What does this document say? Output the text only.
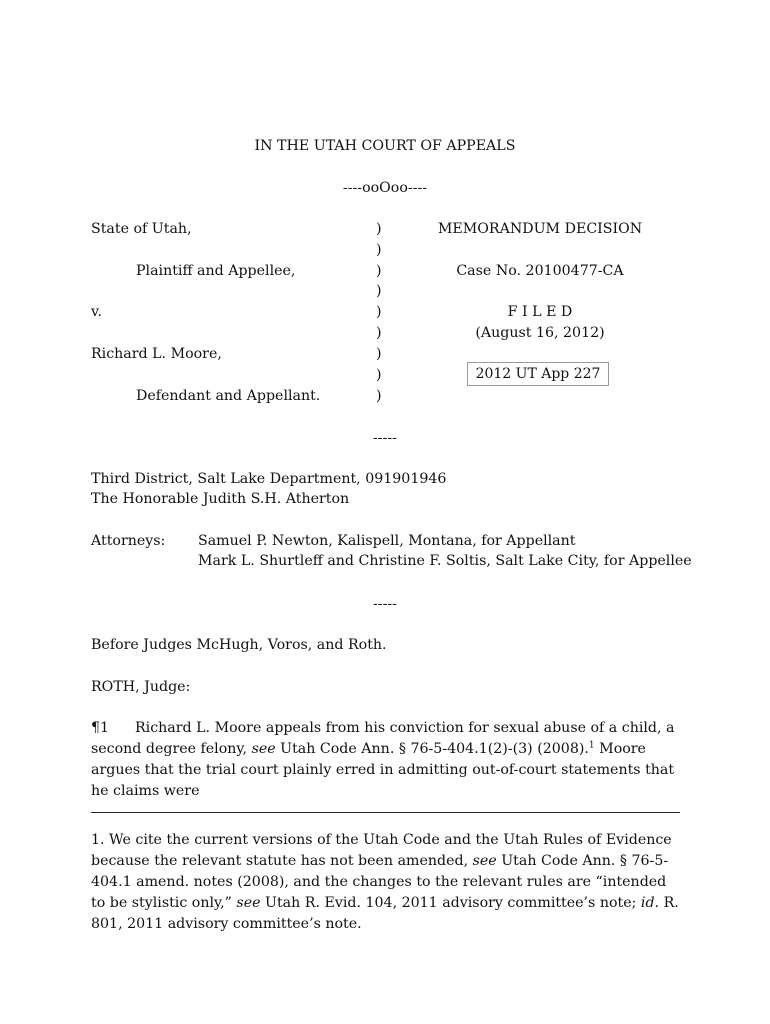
IN THE UTAH COURT OF APPEALS
----ooOoo----
State of Utah,
Plaintiff and Appellee,
v.
Richard L. Moore,
Defendant and Appellant.
)
)
)
)
)
)
)
)
)
MEMORANDUM DECISION
Case No. 20100477-CA
F I L E D
(August 16, 2012)
2012 UT App 227
-----
Third District, Salt Lake Department, 091901946
The Honorable Judith S.H. Atherton
Attorneys: Samuel P. Newton, Kalispell, Montana, for Appellant
Mark L. Shurtleff and Christine F. Soltis, Salt Lake City, for Appellee
-----
Before Judges McHugh, Voros, and Roth.
ROTH, Judge:
¶1 Richard L. Moore appeals from his conviction for sexual abuse of a child, a second degree felony, see Utah Code Ann. § 76-5-404.1(2)-(3) (2008).$^1$ Moore argues that the trial court plainly erred in admitting out-of-court statements that he claims were
1. We cite the current versions of the Utah Code and the Utah Rules of Evidence because the relevant statute has not been amended, see Utah Code Ann. § 76-5-404.1 amend. notes (2008), and the changes to the relevant rules are “intended to be stylistic only,” see Utah R. Evid. 104, 2011 advisory committee’s note; id. R. 801, 2011 advisory committee’s note.
